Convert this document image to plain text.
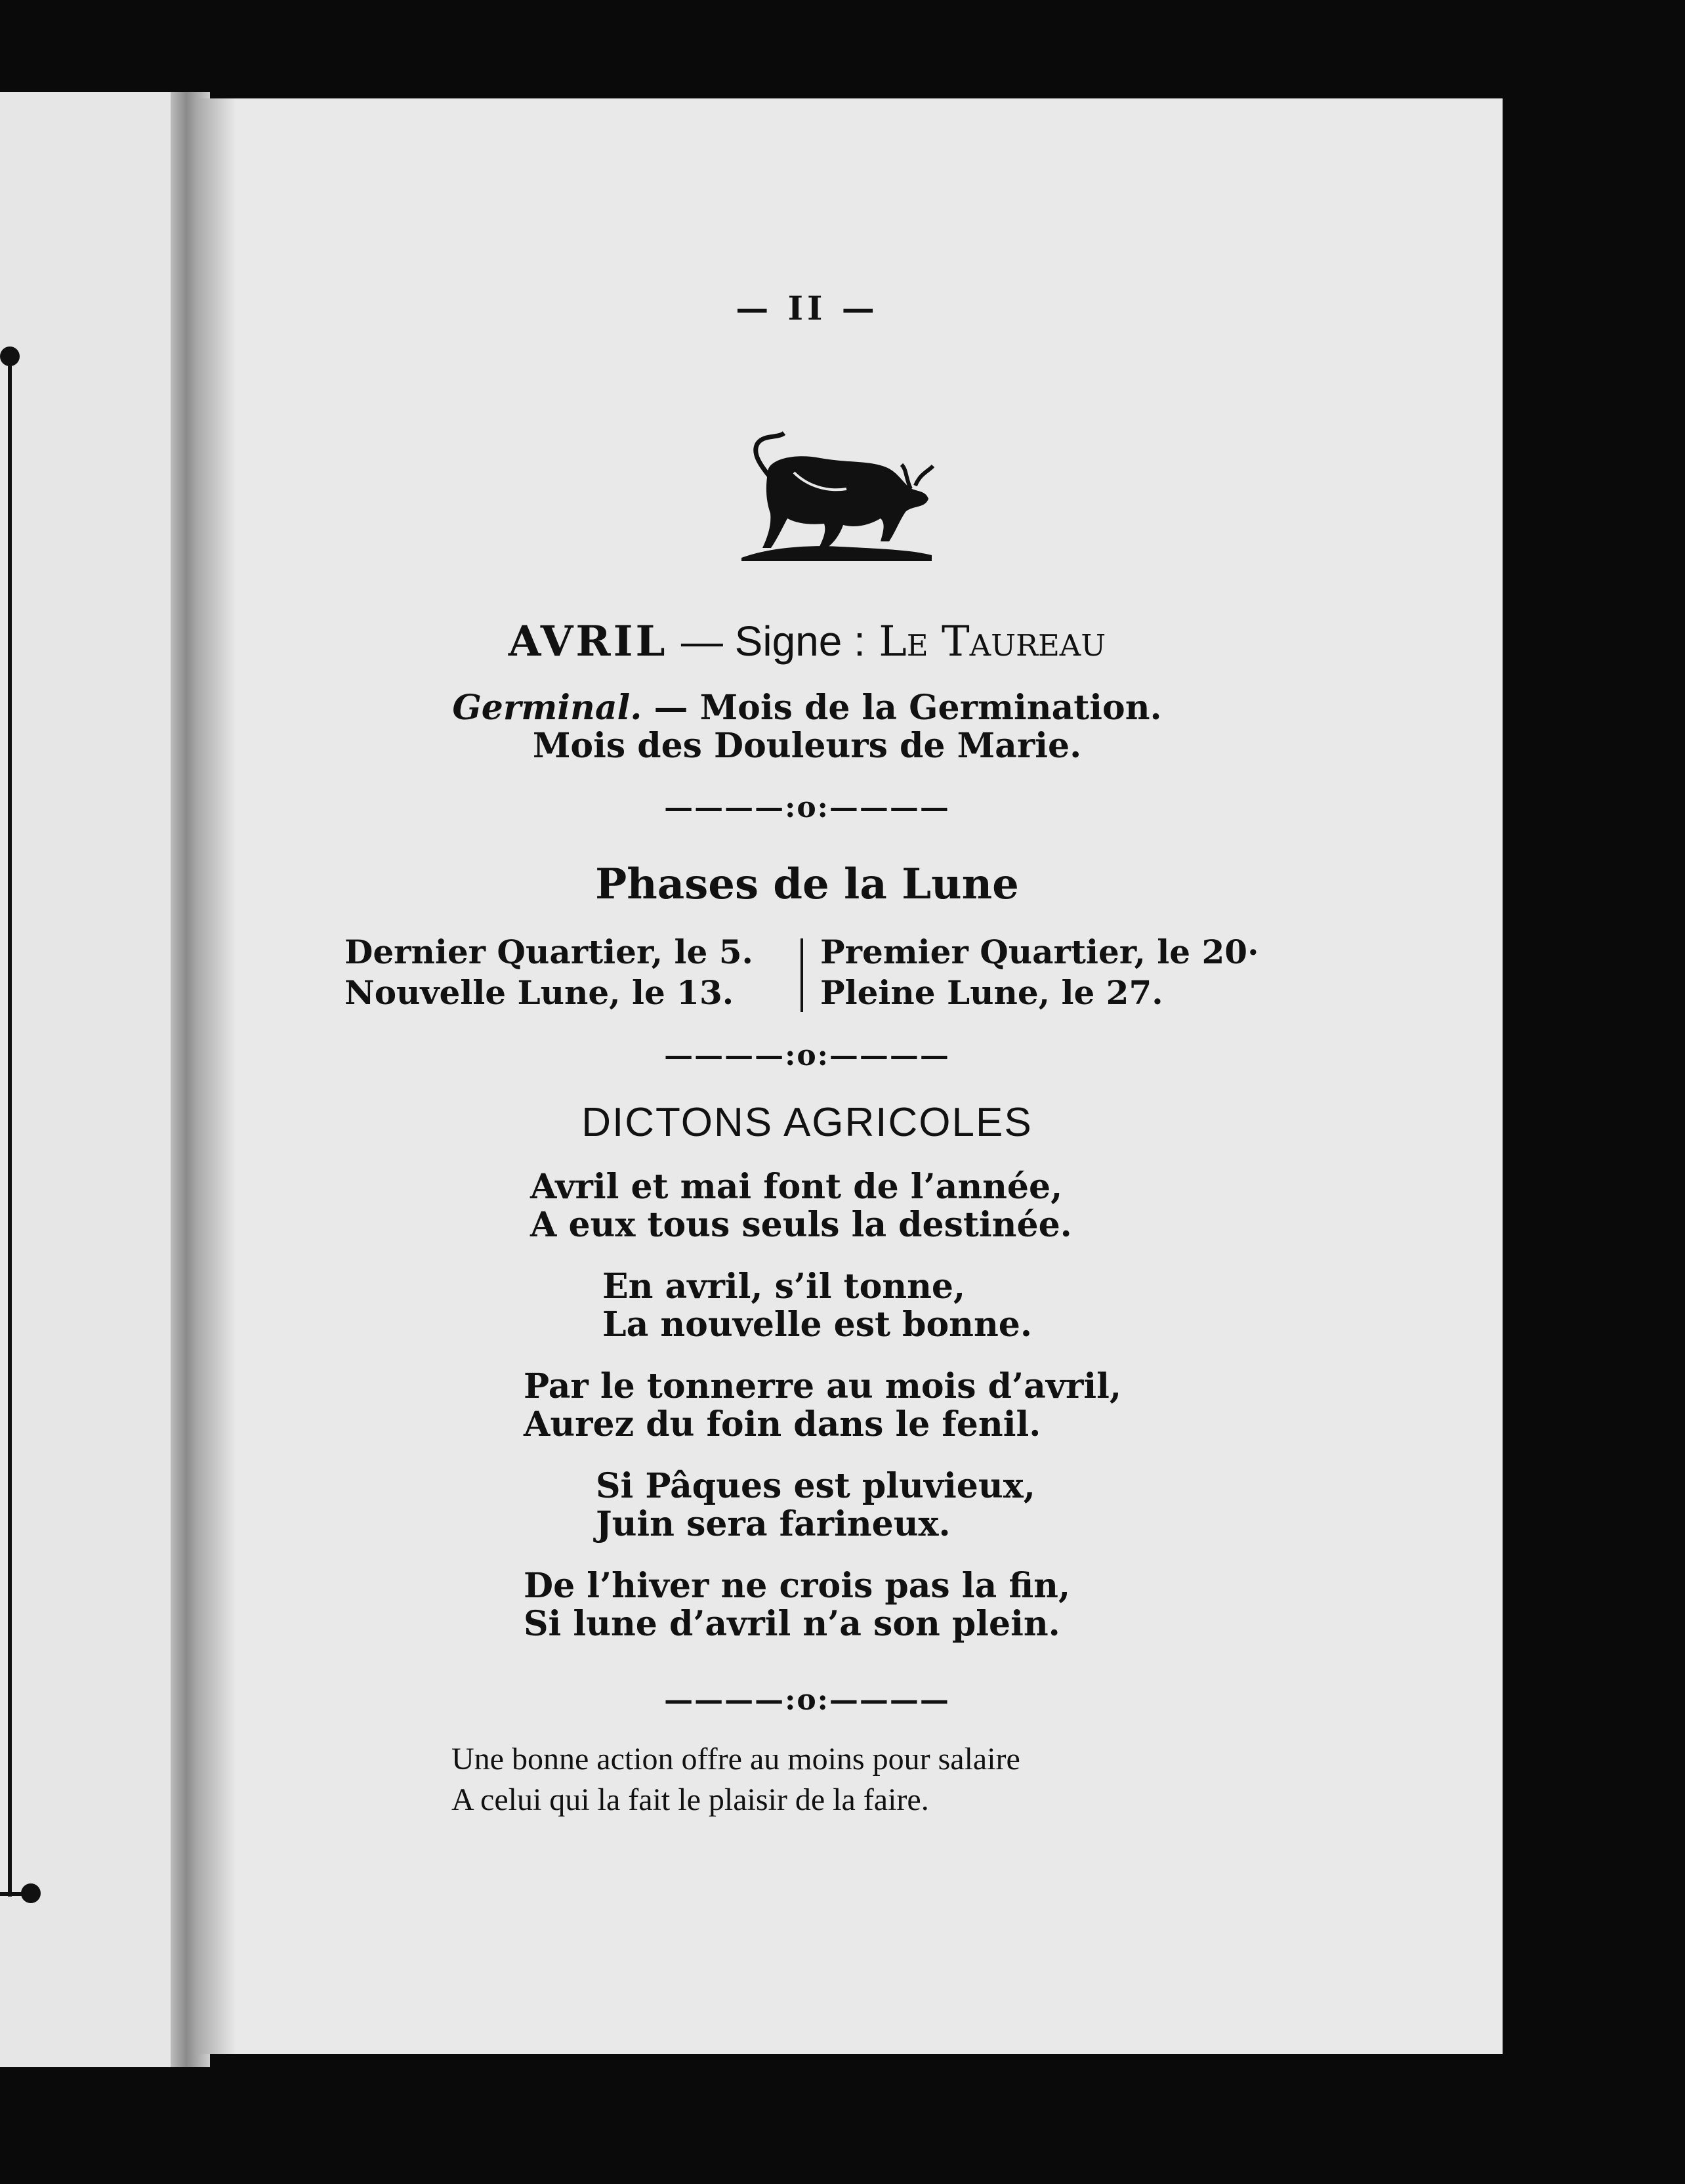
— II —
AVRIL — Signe : Le Taureau
Germinal. — Mois de la Germination.
Mois des Douleurs de Marie.
————:o:————
Phases de la Lune
Dernier Quartier, le 5.
Nouvelle Lune, le 13.
Premier Quartier, le 20·
Pleine Lune, le 27.
————:o:————
DICTONS AGRICOLES
Avril et mai font de l’année,
A eux tous seuls la destinée.
En avril, s’il tonne,
La nouvelle est bonne.
Par le tonnerre au mois d’avril,
Aurez du foin dans le fenil.
Si Pâques est pluvieux,
Juin sera farineux.
De l’hiver ne crois pas la fin,
Si lune d’avril n’a son plein.
————:o:————
Une bonne action offre au moins pour salaire
A celui qui la fait le plaisir de la faire.
